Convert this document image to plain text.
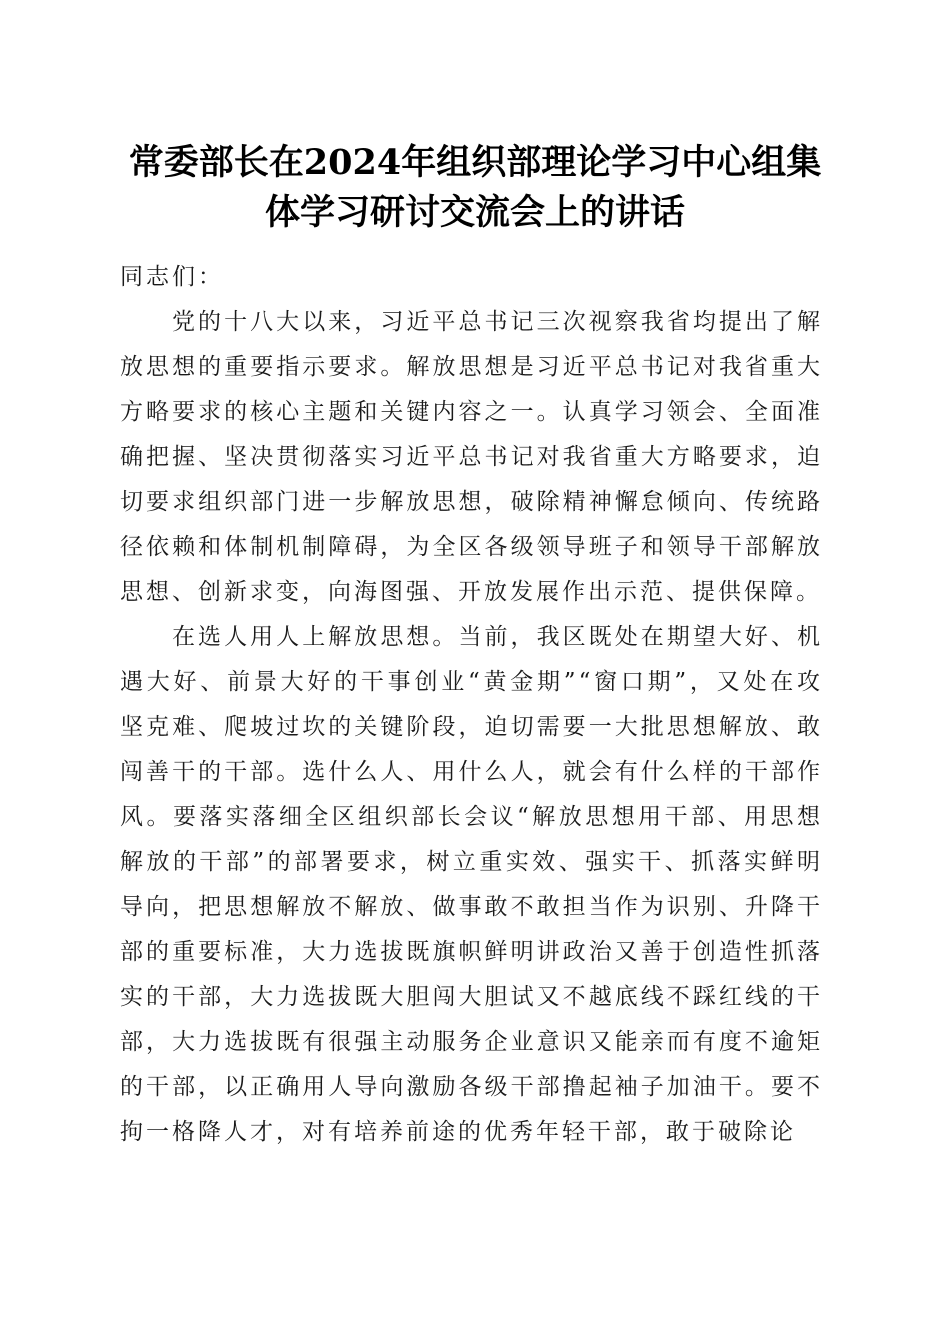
常委部长在2024年组织部理论学习中心组集体学习研讨交流会上的讲话

同志们：

党的十八大以来，习近平总书记三次视察我省均提出了解放思想的重要指示要求。解放思想是习近平总书记对我省重大方略要求的核心主题和关键内容之一。认真学习领会、全面准确把握、坚决贯彻落实习近平总书记对我省重大方略要求，迫切要求组织部门进一步解放思想，破除精神懈怠倾向、传统路径依赖和体制机制障碍，为全区各级领导班子和领导干部解放思想、创新求变，向海图强、开放发展作出示范、提供保障。

在选人用人上解放思想。当前，我区既处在期望大好、机遇大好、前景大好的干事创业“黄金期”“窗口期”，又处在攻坚克难、爬坡过坎的关键阶段，迫切需要一大批思想解放、敢闯善干的干部。选什么人、用什么人，就会有什么样的干部作风。要落实落细全区组织部长会议“解放思想用干部、用思想解放的干部”的部署要求，树立重实效、强实干、抓落实鲜明导向，把思想解放不解放、做事敢不敢担当作为识别、升降干部的重要标准，大力选拔既旗帜鲜明讲政治又善于创造性抓落实的干部，大力选拔既大胆闯大胆试又不越底线不踩红线的干部，大力选拔既有很强主动服务企业意识又能亲而有度不逾矩的干部，以正确用人导向激励各级干部撸起袖子加油干。要不拘一格降人才，对有培养前途的优秀年轻干部，敢于破除论
